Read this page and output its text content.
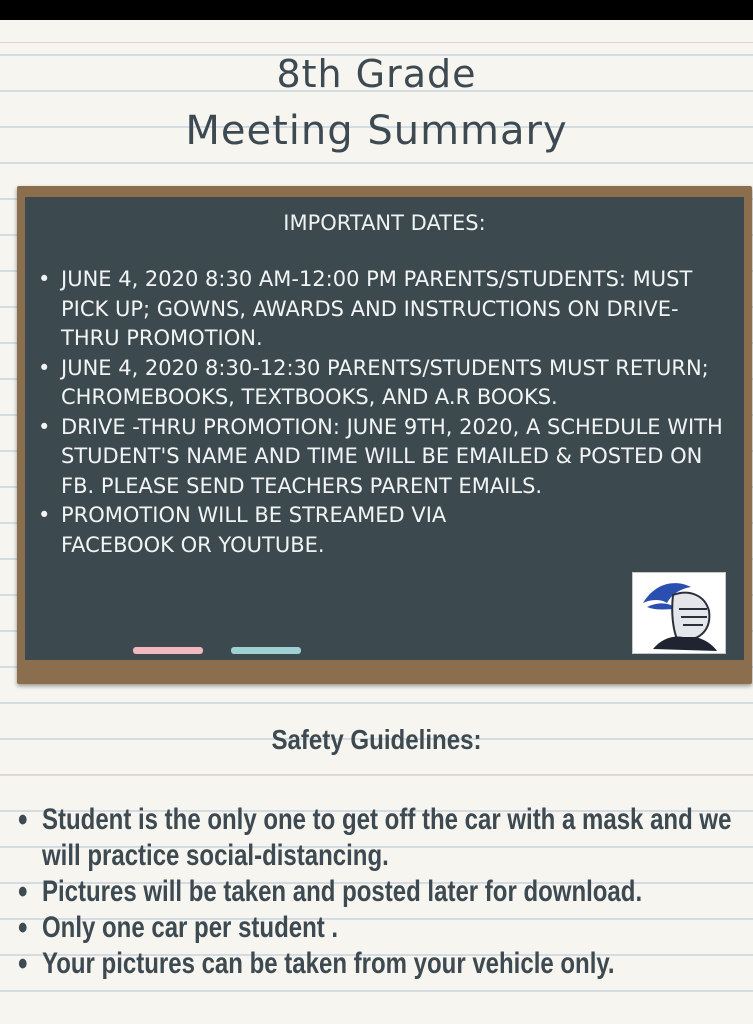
8th Grade
Meeting Summary
IMPORTANT DATES:
• JUNE 4, 2020 8:30 AM-12:00 PM PARENTS/STUDENTS: MUST PICK UP; GOWNS, AWARDS AND INSTRUCTIONS ON DRIVE- THRU PROMOTION.
• JUNE 4, 2020 8:30-12:30 PARENTS/STUDENTS MUST RETURN; CHROMEBOOKS, TEXTBOOKS, AND A.R BOOKS.
• DRIVE -THRU PROMOTION: JUNE 9TH, 2020, A SCHEDULE WITH STUDENT'S NAME AND TIME WILL BE EMAILED & POSTED ON FB. PLEASE SEND TEACHERS PARENT EMAILS.
• PROMOTION WILL BE STREAMED VIA FACEBOOK OR YOUTUBE.
Safety Guidelines:
• Student is the only one to get off the car with a mask and we will practice social-distancing.
• Pictures will be taken and posted later for download.
• Only one car per student .
• Your pictures can be taken from your vehicle only.
